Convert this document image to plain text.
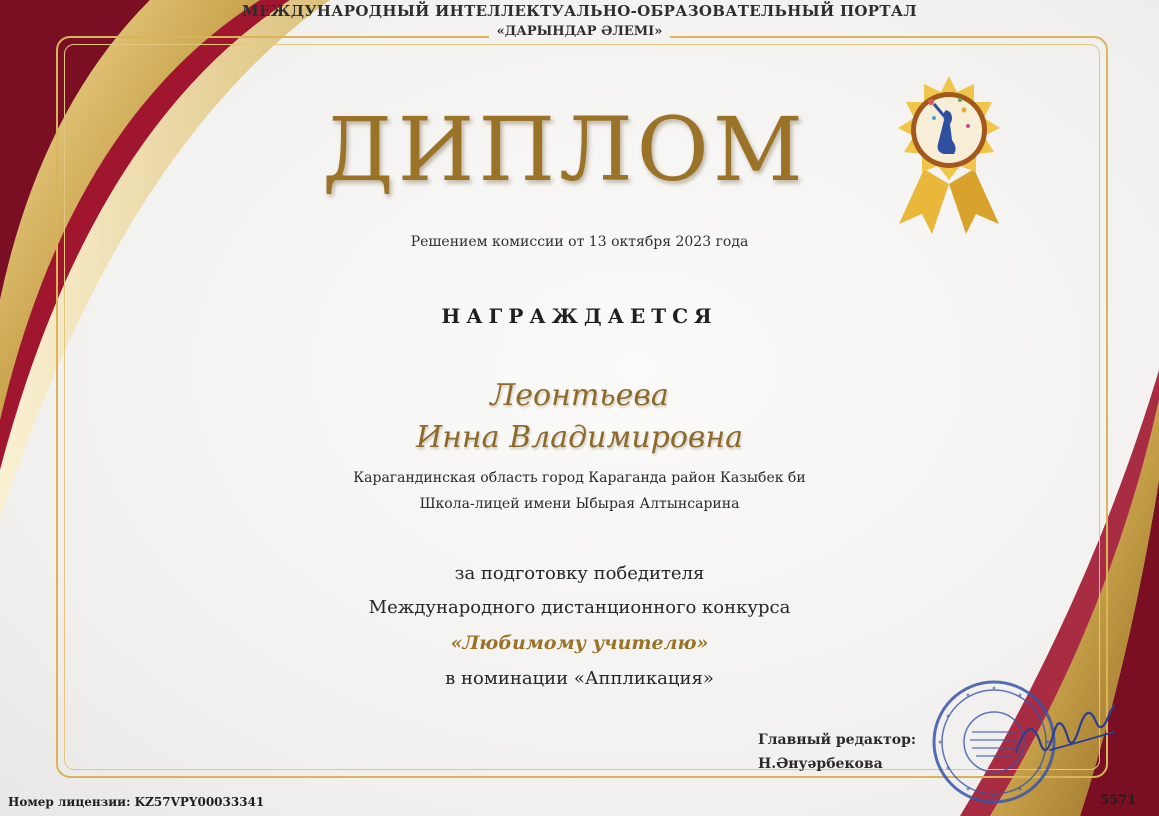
МЕЖДУНАРОДНЫЙ ИНТЕЛЛЕКТУАЛЬНО-ОБРАЗОВАТЕЛЬНЫЙ ПОРТАЛ
«ДАРЫНДАР ӘЛЕМІ»
ДИПЛОМ
Решением комиссии от 13 октября 2023 года
НАГРАЖДАЕТСЯ
Леонтьева
Инна Владимировна
Карагандинская область город Караганда район Казыбек би
Школа-лицей имени Ыбырая Алтынсарина
за подготовку победителя
Международного дистанционного конкурса
«Любимому учителю»
в номинации «Аппликация»
Главный редактор:
Н.Әнуәрбекова
Номер лицензии: KZ57VPY00033341	5571
